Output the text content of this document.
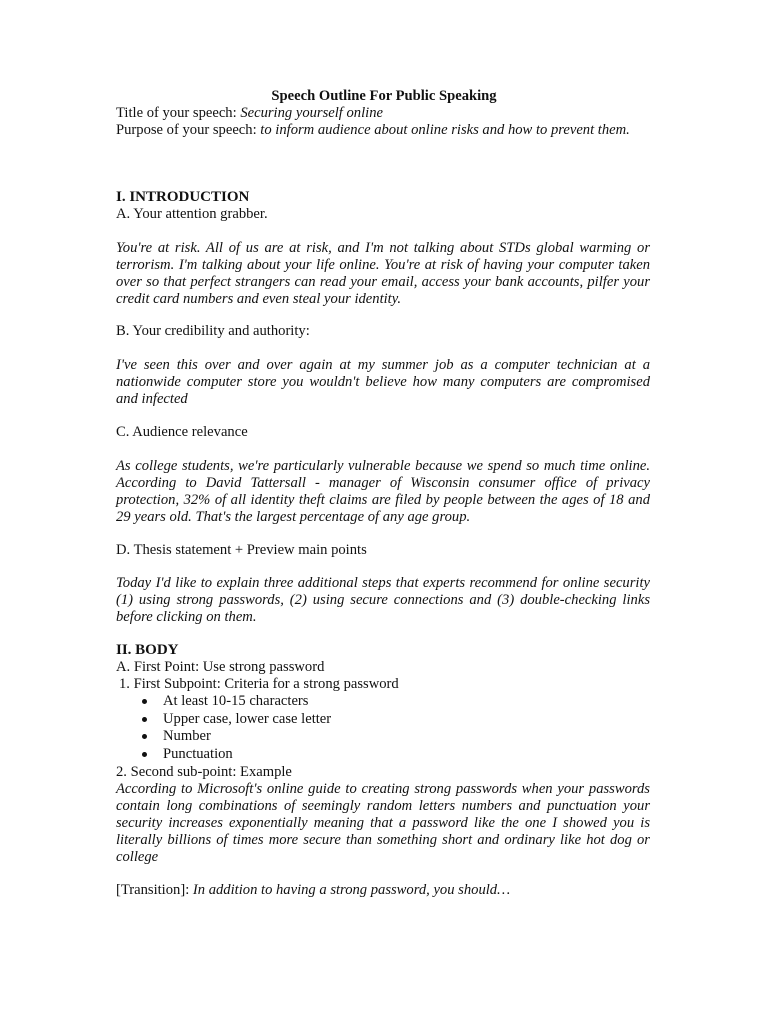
Speech Outline For Public Speaking
Title of your speech: Securing yourself online
Purpose of your speech: to inform audience about online risks and how to prevent them.
I. INTRODUCTION
A. Your attention grabber.
You're at risk. All of us are at risk, and I'm not talking about STDs global warming or terrorism. I'm talking about your life online. You're at risk of having your computer taken over so that perfect strangers can read your email, access your bank accounts, pilfer your credit card numbers and even steal your identity.
B. Your credibility and authority:
I've seen this over and over again at my summer job as a computer technician at a nationwide computer store you wouldn't believe how many computers are compromised and infected
C. Audience relevance
As college students, we're particularly vulnerable because we spend so much time online. According to David Tattersall - manager of Wisconsin consumer office of privacy protection, 32% of all identity theft claims are filed by people between the ages of 18 and 29 years old. That's the largest percentage of any age group.
D. Thesis statement + Preview main points
Today I'd like to explain three additional steps that experts recommend for online security (1) using strong passwords, (2) using secure connections and (3) double-checking links before clicking on them.
II. BODY
A. First Point: Use strong password
1. First Subpoint: Criteria for a strong password
At least 10-15 characters
Upper case, lower case letter
Number
Punctuation
2. Second sub-point: Example
According to Microsoft's online guide to creating strong passwords when your passwords contain long combinations of seemingly random letters numbers and punctuation your security increases exponentially meaning that a password like the one I showed you is literally billions of times more secure than something short and ordinary like hot dog or college
[Transition]: In addition to having a strong password, you should…
